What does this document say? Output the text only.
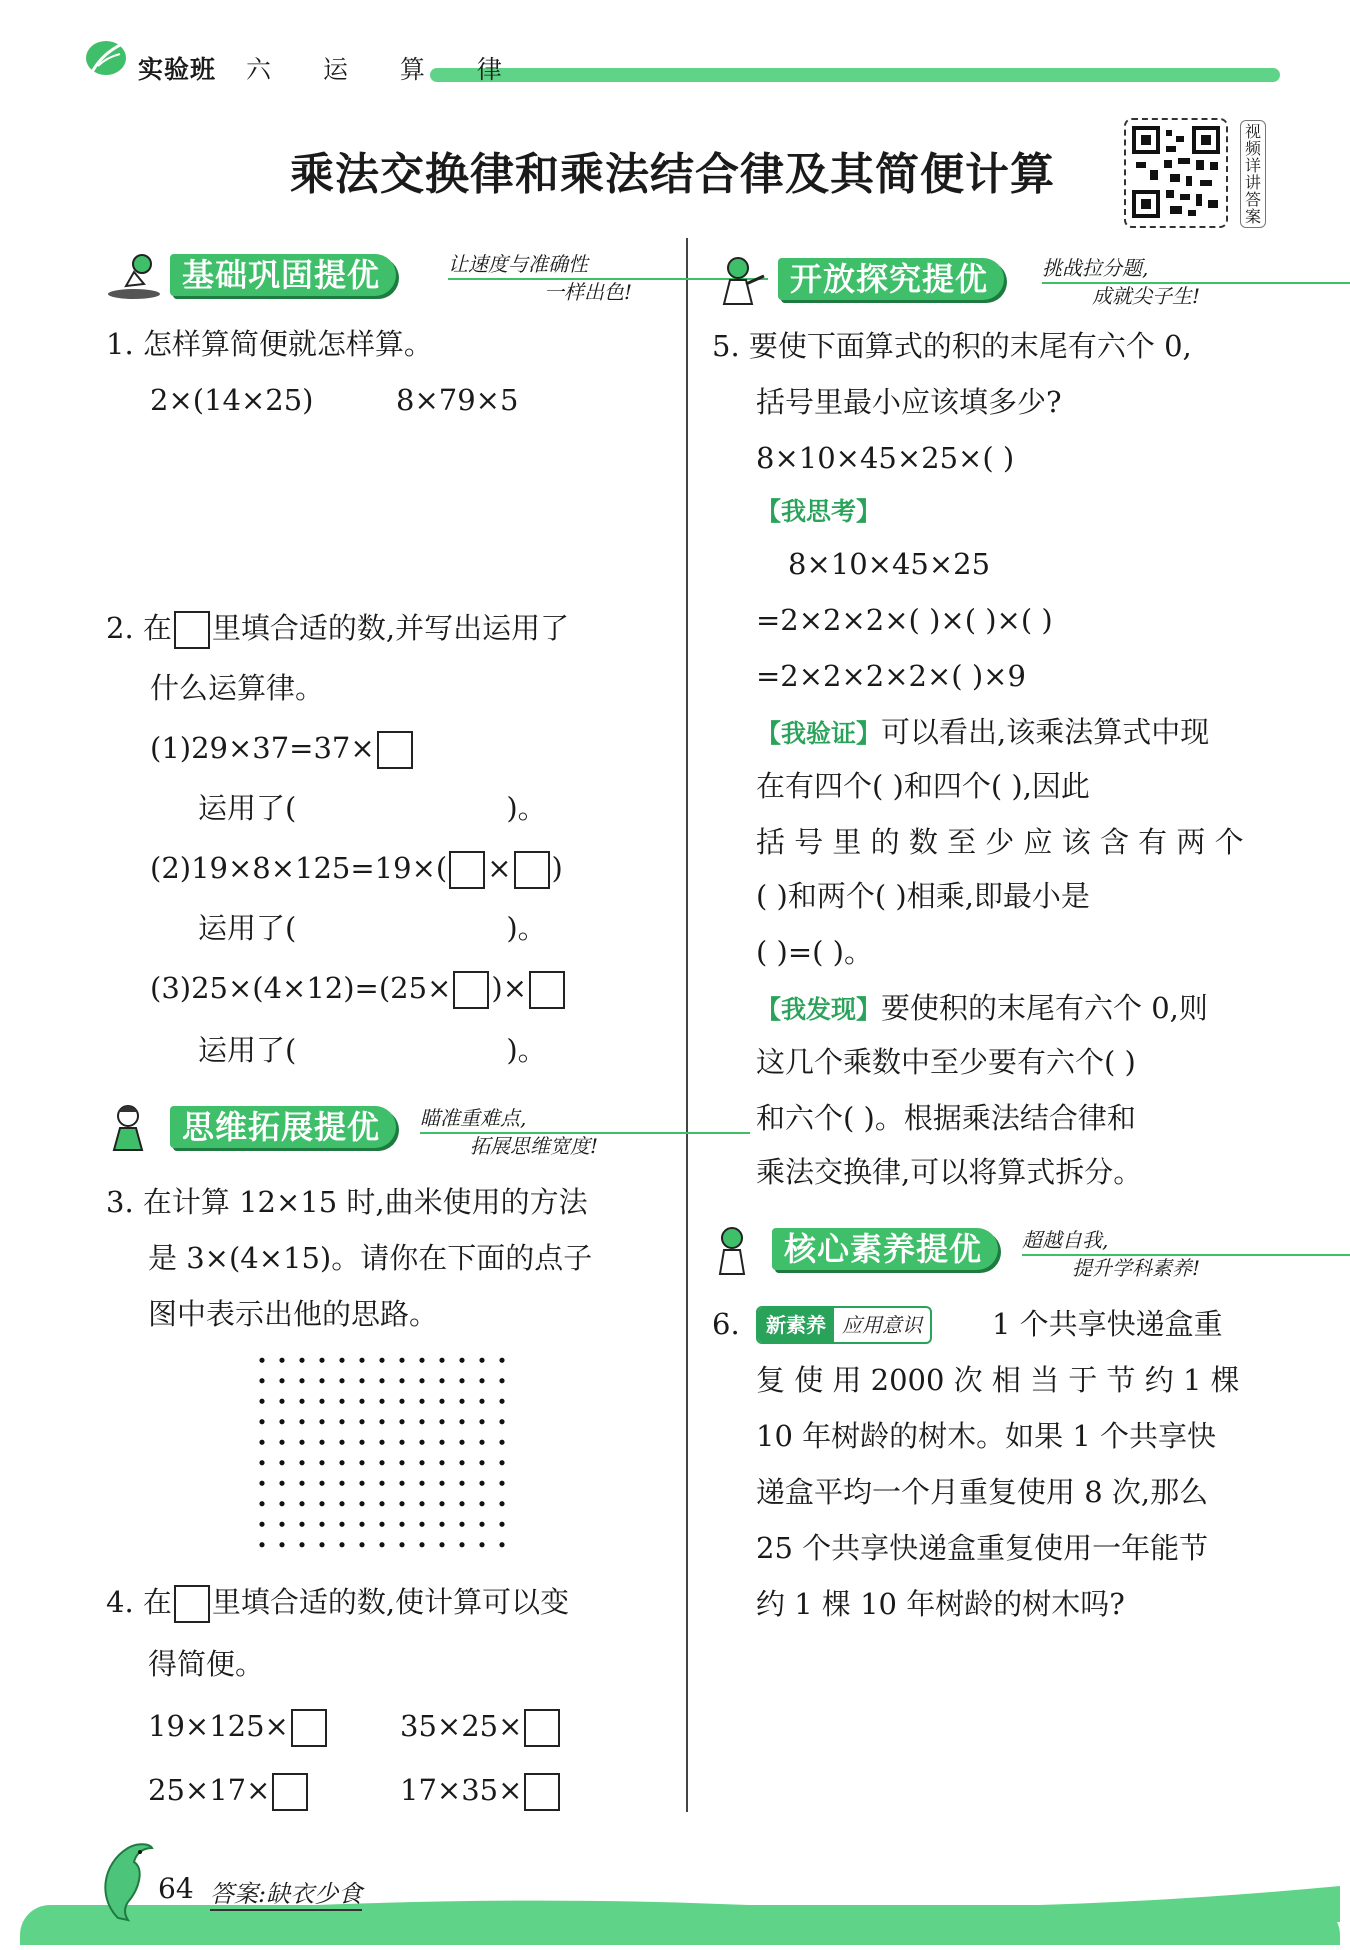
实验班 六 运 算 律
乘法交换律和乘法结合律及其简便计算
视频详讲答案
基础巩固提优	让速度与准确性
一样出色!
1. 怎样算简便就怎样算。
2×(14×25)	8×79×5
2. 在 里填合适的数,并写出运用了
什么运算律。
(1)29×37=37×
运用了(	)。
(2)19×8×125=19×( × )
运用了(	)。
(3)25×(4×12)=(25× )×
运用了(	)。
思维拓展提优	瞄准重难点,
拓展思维宽度!
3. 在计算 12×15 时,曲米使用的方法
是 3×(4×15)。请你在下面的点子
图中表示出他的思路。
4. 在 里填合适的数,使计算可以变
得简便。
19×125×	35×25×
25×17×	17×35×
开放探究提优	挑战拉分题,
成就尖子生!
5. 要使下面算式的积的末尾有六个 0,
括号里最小应该填多少?
8×10×45×25×( )
【我思考】
8×10×45×25
=2×2×2×( )×( )×( )
=2×2×2×2×( )×9
【我验证】可以看出,该乘法算式中现
在有四个( )和四个( ),因此
括 号 里 的 数 至 少 应 该 含 有 两 个
( )和两个( )相乘,即最小是
( )=( )。
【我发现】要使积的末尾有六个 0,则
这几个乘数中至少要有六个( )
和六个( )。根据乘法结合律和
乘法交换律,可以将算式拆分。
核心素养提优	超越自我,
提升学科素养!
6.	新素养 应用意识	1 个共享快递盒重
复 使 用 2000 次 相 当 于 节 约 1 棵
10 年树龄的树木。如果 1 个共享快
递盒平均一个月重复使用 8 次,那么
25 个共享快递盒重复使用一年能节
约 1 棵 10 年树龄的树木吗?
64 答案:缺衣少食
